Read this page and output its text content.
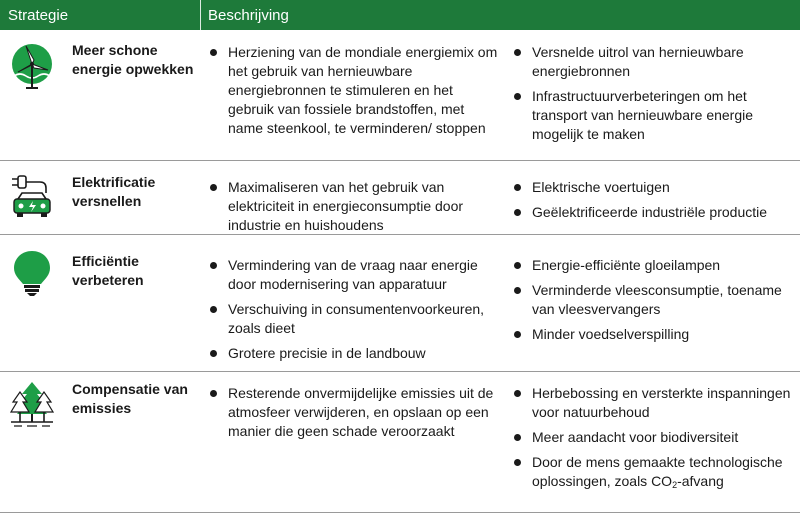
Strategie	Beschrijving
Meer schone energie opwekken
Herziening van de mondiale energiemix om het gebruik van hernieuwbare energiebronnen te stimuleren en het gebruik van fossiele brandstoffen, met name steenkool, te verminderen/ stoppen
Versnelde uitrol van hernieuwbare energiebronnen
Infrastructuurverbeteringen om het transport van hernieuwbare energie mogelijk te maken
Elektrificatie versnellen
Maximaliseren van het gebruik van elektriciteit in energieconsumptie door industrie en huishoudens
Elektrische voertuigen
Geëlektrificeerde industriële productie
Efficiëntie verbeteren
Vermindering van de vraag naar energie door modernisering van apparatuur
Verschuiving in consumentenvoorkeuren, zoals dieet
Grotere precisie in de landbouw
Energie-efficiënte gloeilampen
Verminderde vleesconsumptie, toename van vleesvervangers
Minder voedselverspilling
Compensatie van emissies
Resterende onvermijdelijke emissies uit de atmosfeer verwijderen, en opslaan op een manier die geen schade veroorzaakt
Herbebossing en versterkte inspanningen voor natuurbehoud
Meer aandacht voor biodiversiteit
Door de mens gemaakte technologische oplossingen, zoals $CO_2$-afvang
